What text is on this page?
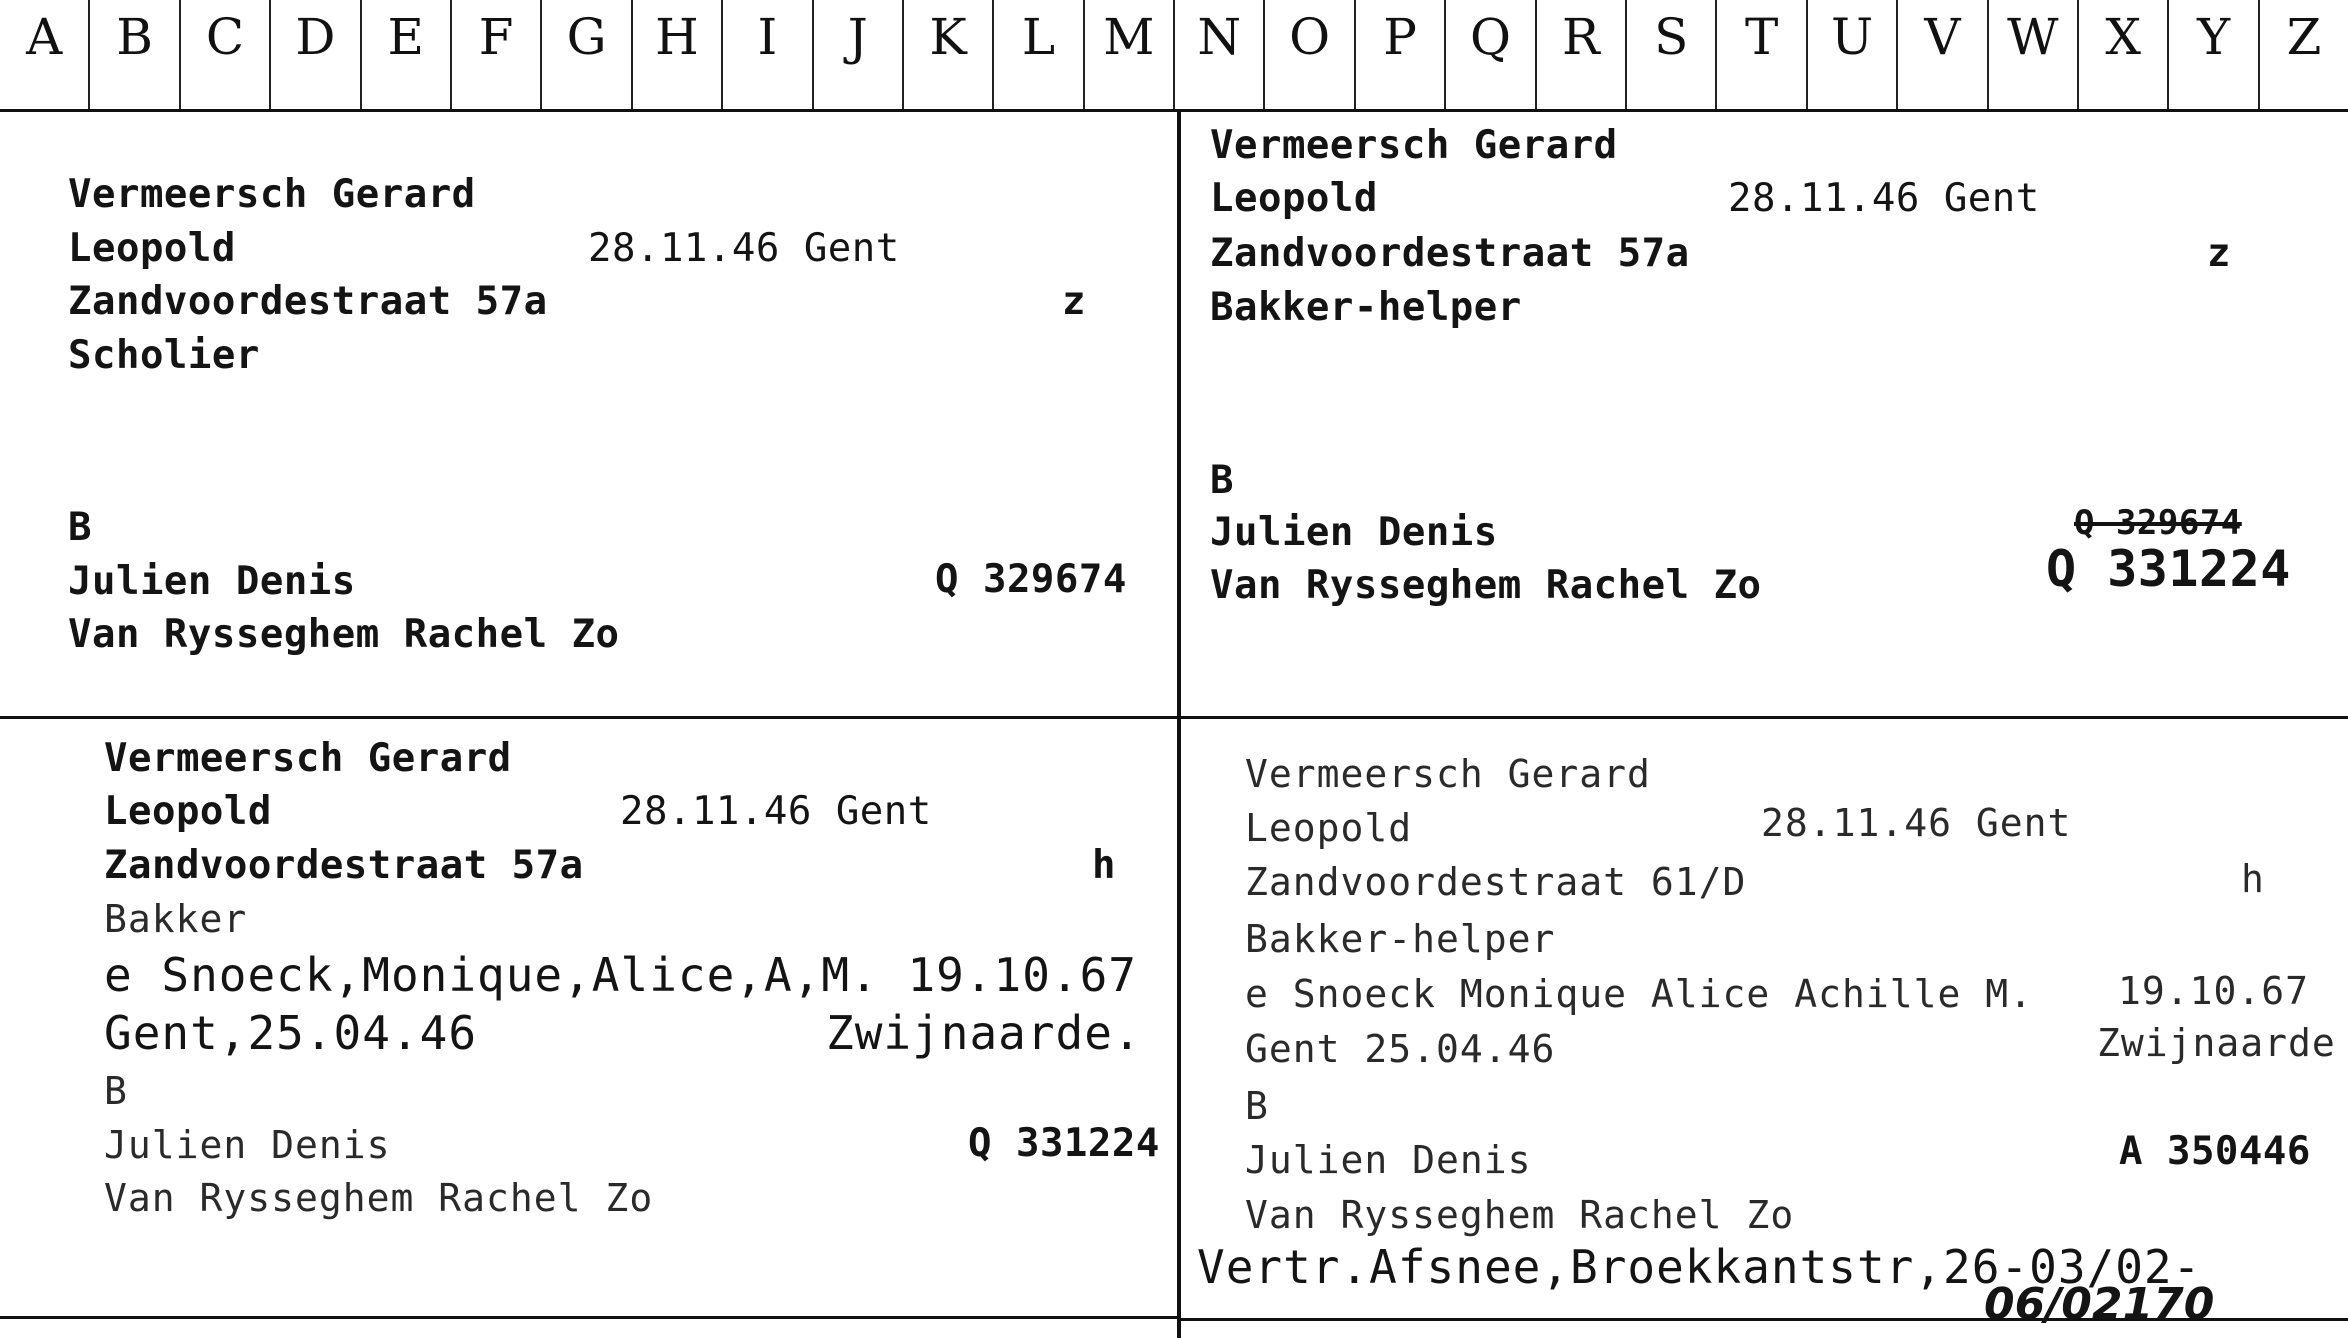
A	B	C	D	E	F	G H	I	J	K	L M N O	P	Q	R	S	T	U	V W X	Y	Z
Vermeersch Gerard
Leopold	28.11.46 Gent
Zandvoordestraat 57a	z
Scholier
B
Julien Denis	Q 329674
Van Rysseghem Rachel Zo
Vermeersch Gerard
Leopold	28.11.46 Gent
Zandvoordestraat 57a	z
Bakker-helper
B
Julien Denis	Q 329674
Q 331224
Van Rysseghem Rachel Zo
Vermeersch Gerard
Leopold	28.11.46 Gent
Zandvoordestraat 57a	h
Bakker
e Snoeck,Monique,Alice,A,M. 19.10.67
Gent,25.04.46	Zwijnaarde.
B
Julien Denis	Q 331224
Van Rysseghem Rachel Zo
Vermeersch Gerard
Leopold	28.11.46 Gent
Zandvoordestraat 61/D	h
Bakker-helper
e Snoeck Monique Alice Achille M. 19.10.67
Gent 25.04.46	Zwijnaarde
B
Julien Denis	A 350446
Van Rysseghem Rachel Zo
Vertr.Afsnee,Broekkantstr,26-03/02-
06/02170
